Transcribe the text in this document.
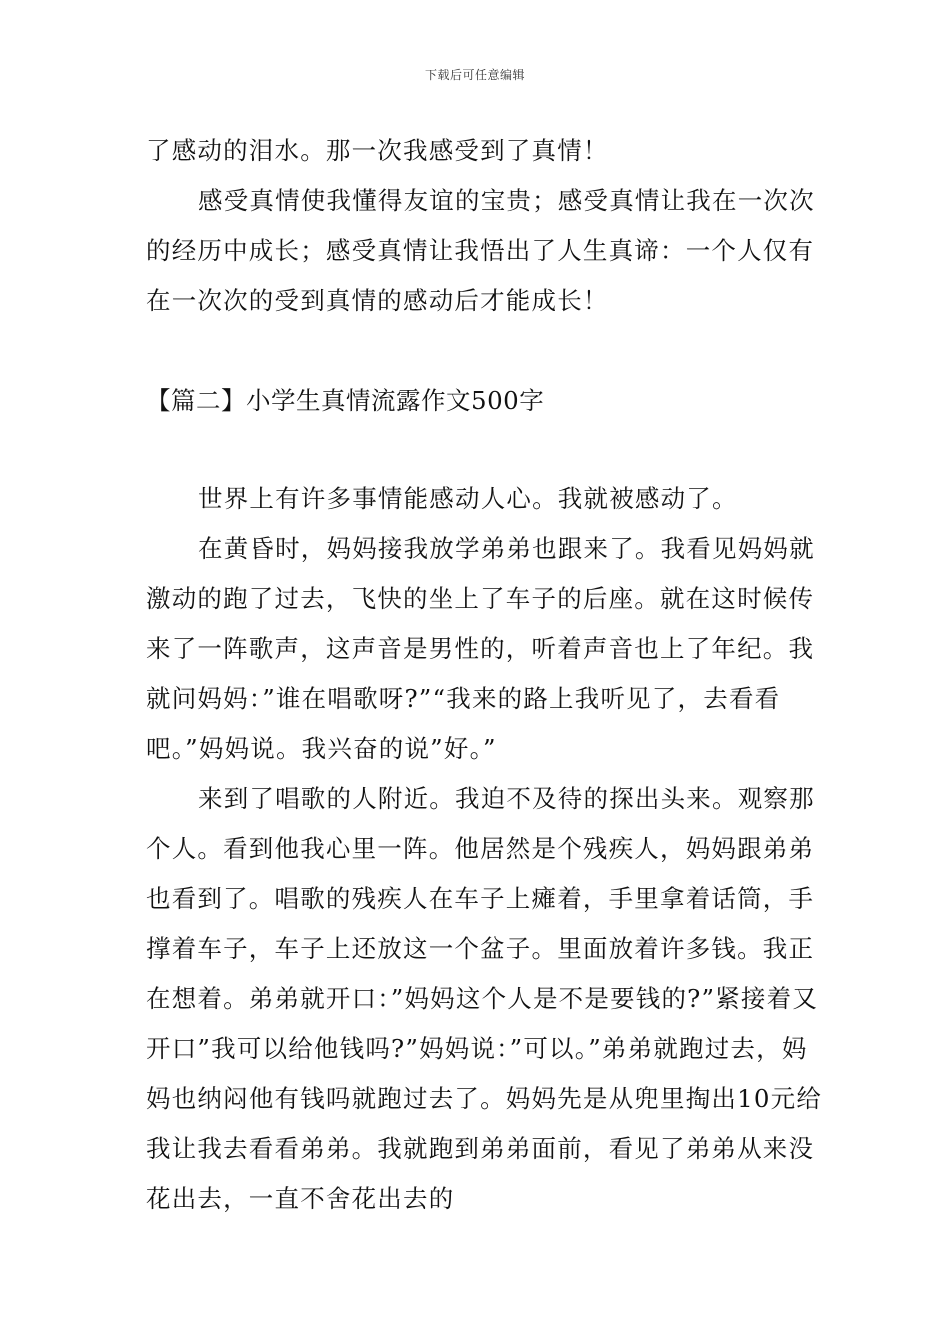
下载后可任意编辑

了感动的泪水。那一次我感受到了真情！

感受真情使我懂得友谊的宝贵；感受真情让我在一次次的经历中成长；感受真情让我悟出了人生真谛：一个人仅有在一次次的受到真情的感动后才能成长！

【篇二】小学生真情流露作文500字

世界上有许多事情能感动人心。我就被感动了。

在黄昏时，妈妈接我放学弟弟也跟来了。我看见妈妈就激动的跑了过去，飞快的坐上了车子的后座。就在这时候传来了一阵歌声，这声音是男性的，听着声音也上了年纪。我就问妈妈：”谁在唱歌呀?”“我来的路上我听见了，去看看吧。”妈妈说。我兴奋的说”好。”

来到了唱歌的人附近。我迫不及待的探出头来。观察那个人。看到他我心里一阵。他居然是个残疾人，妈妈跟弟弟也看到了。唱歌的残疾人在车子上瘫着，手里拿着话筒，手撑着车子，车子上还放这一个盆子。里面放着许多钱。我正在想着。弟弟就开口：”妈妈这个人是不是要钱的?”紧接着又开口”我可以给他钱吗?”妈妈说：”可以。”弟弟就跑过去，妈妈也纳闷他有钱吗就跑过去了。妈妈先是从兜里掏出10元给我让我去看看弟弟。我就跑到弟弟面前，看见了弟弟从来没花出去，一直不舍花出去的
